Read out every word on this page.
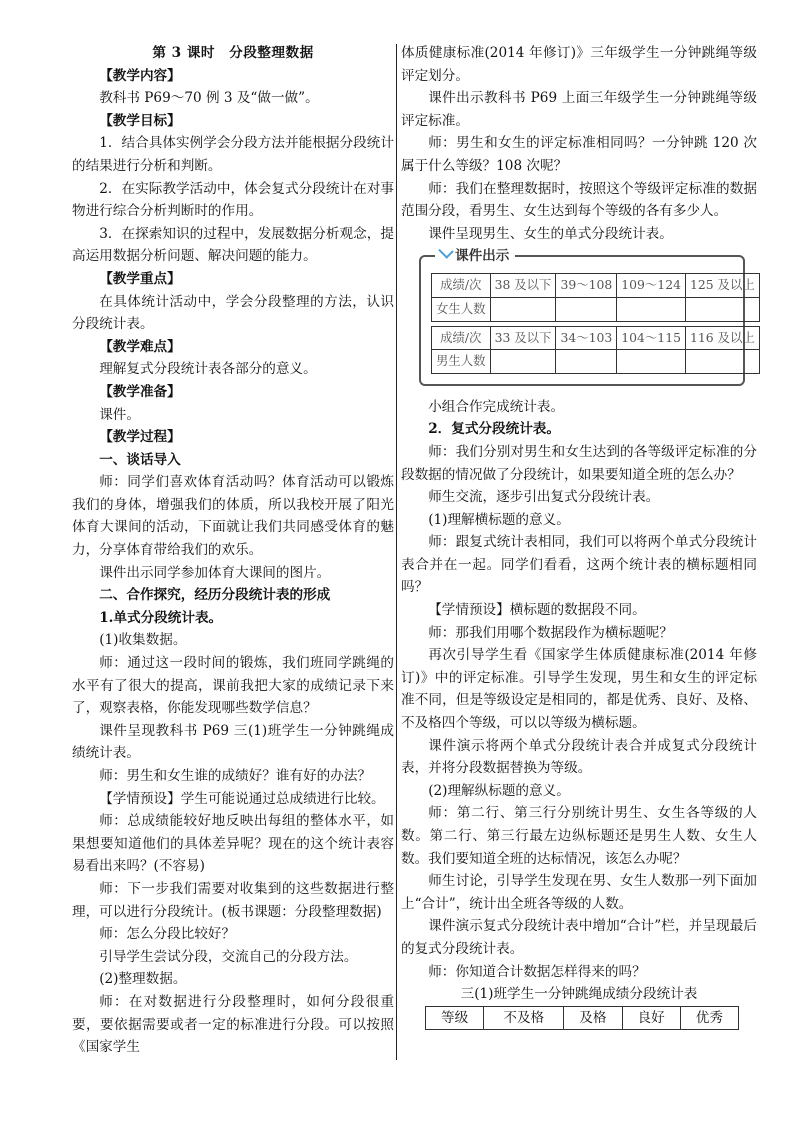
第 3 课时　分段整理数据

【教学内容】

教科书 P69～70 例 3 及“做一做”。

【教学目标】

1．结合具体实例学会分段方法并能根据分段统计的结果进行分析和判断。

2．在实际教学活动中，体会复式分段统计在对事物进行综合分析判断时的作用。

3．在探索知识的过程中，发展数据分析观念，提高运用数据分析问题、解决问题的能力。

【教学重点】

在具体统计活动中，学会分段整理的方法，认识分段统计表。

【教学难点】

理解复式分段统计表各部分的意义。

【教学准备】

课件。

【教学过程】

一、谈话导入

师：同学们喜欢体育活动吗？体育活动可以锻炼我们的身体，增强我们的体质，所以我校开展了阳光体育大课间的活动，下面就让我们共同感受体育的魅力，分享体育带给我们的欢乐。

课件出示同学参加体育大课间的图片。

二、合作探究，经历分段统计表的形成

1.单式分段统计表。

(1)收集数据。

师：通过这一段时间的锻炼，我们班同学跳绳的水平有了很大的提高，课前我把大家的成绩记录下来了，观察表格，你能发现哪些数学信息？

课件呈现教科书 P69 三(1)班学生一分钟跳绳成绩统计表。

师：男生和女生谁的成绩好？谁有好的办法？

【学情预设】学生可能说通过总成绩进行比较。

师：总成绩能较好地反映出每组的整体水平，如果想要知道他们的具体差异呢？现在的这个统计表容易看出来吗？(不容易)

师：下一步我们需要对收集到的这些数据进行整理，可以进行分段统计。(板书课题：分段整理数据)

师：怎么分段比较好？

引导学生尝试分段，交流自己的分段方法。

(2)整理数据。

师：在对数据进行分段整理时，如何分段很重要，要依据需要或者一定的标准进行分段。可以按照《国家学生

体质健康标准(2014 年修订)》三年级学生一分钟跳绳等级评定划分。

课件出示教科书 P69 上面三年级学生一分钟跳绳等级评定标准。

师：男生和女生的评定标准相同吗？一分钟跳 120 次属于什么等级？108 次呢？

师：我们在整理数据时，按照这个等级评定标准的数据范围分段，看男生、女生达到每个等级的各有多少人。

课件呈现男生、女生的单式分段统计表。

课件出示
成绩/次	38 及以下	39～108	109～124	125 及以上
女生人数				
成绩/次	33 及以下	34～103	104～115	116 及以上
男生人数				

小组合作完成统计表。

2．复式分段统计表。

师：我们分别对男生和女生达到的各等级评定标准的分段数据的情况做了分段统计，如果要知道全班的怎么办？

师生交流，逐步引出复式分段统计表。

(1)理解横标题的意义。

师：跟复式统计表相同，我们可以将两个单式分段统计表合并在一起。同学们看看，这两个统计表的横标题相同吗？

【学情预设】横标题的数据段不同。

师：那我们用哪个数据段作为横标题呢？

再次引导学生看《国家学生体质健康标准(2014 年修订)》中的评定标准。引导学生发现，男生和女生的评定标准不同，但是等级设定是相同的，都是优秀、良好、及格、不及格四个等级，可以以等级为横标题。

课件演示将两个单式分段统计表合并成复式分段统计表，并将分段数据替换为等级。

(2)理解纵标题的意义。

师：第二行、第三行分别统计男生、女生各等级的人数。第二行、第三行最左边纵标题还是男生人数、女生人数。我们要知道全班的达标情况，该怎么办呢？

师生讨论，引导学生发现在男、女生人数那一列下面加上“合计”，统计出全班各等级的人数。

课件演示复式分段统计表中增加“合计”栏，并呈现最后的复式分段统计表。

师：你知道合计数据怎样得来的吗？

三(1)班学生一分钟跳绳成绩分段统计表

等级	不及格	及格	良好	优秀
